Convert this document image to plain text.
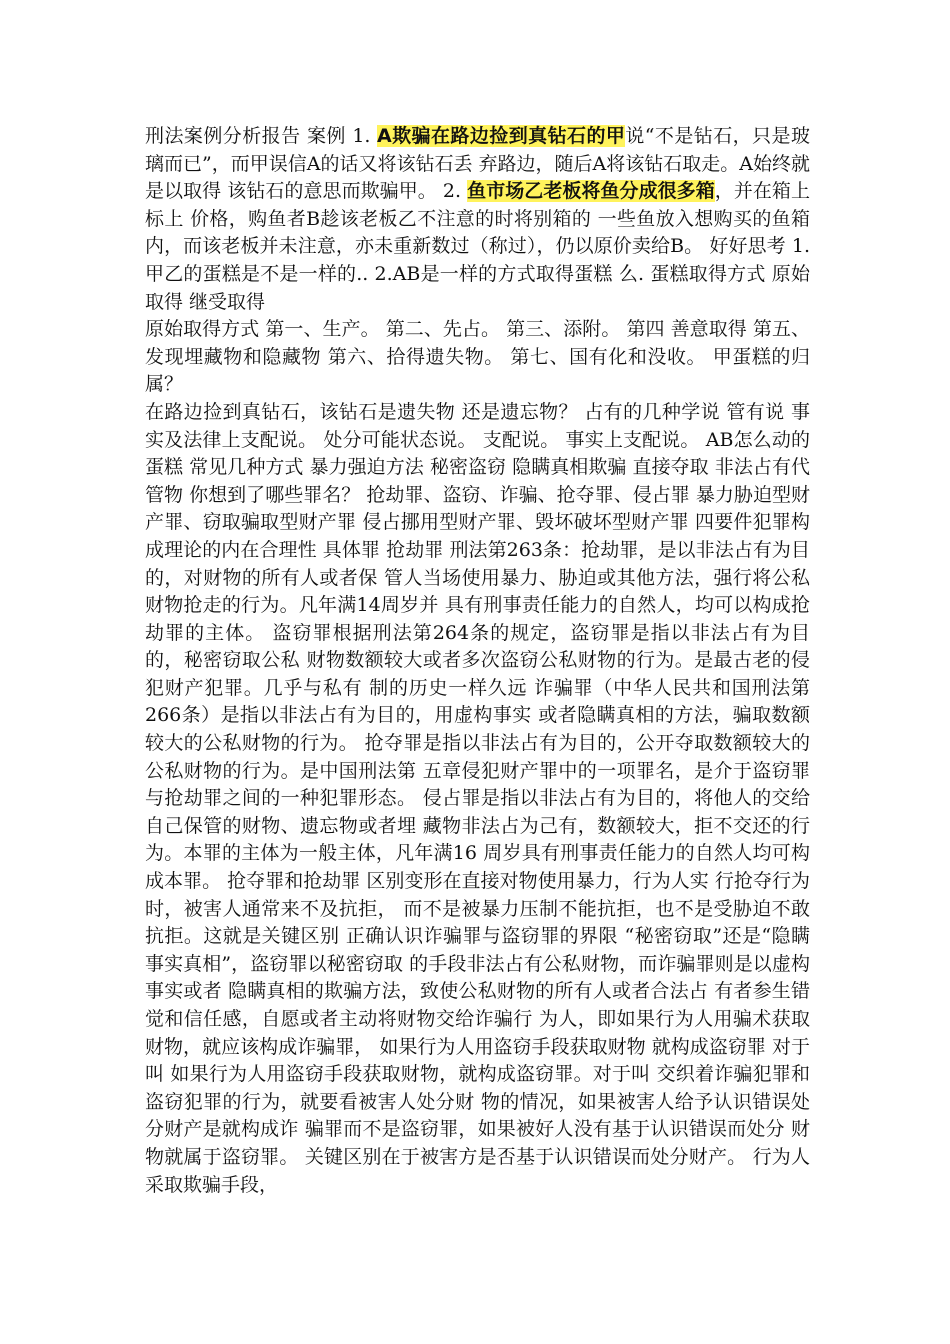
刑法案例分析报告 案例 1. A欺骗在路边捡到真钻石的甲说“不是钻石，只是玻璃而已”，而甲误信A的话又将该钻石丢 弃路边，随后A将该钻石取走。A始终就是以取得 该钻石的意思而欺骗甲。 2. 鱼市场乙老板将鱼分成很多箱，并在箱上标上 价格，购鱼者B趁该老板乙不注意的时将别箱的 一些鱼放入想购买的鱼箱内，而该老板并未注意，亦未重新数过（称过），仍以原价卖给B。 好好思考 1. 甲乙的蛋糕是不是一样的.. 2.AB是一样的方式取得蛋糕 么. 蛋糕取得方式 原始取得 继受取得

原始取得方式 第一、生产。 第二、先占。 第三、添附。 第四 善意取得 第五、发现埋藏物和隐藏物 第六、拾得遗失物。 第七、国有化和没收。 甲蛋糕的归属？

在路边捡到真钻石，该钻石是遗失物 还是遗忘物？ 占有的几种学说 管有说 事实及法律上支配说。 处分可能状态说。 支配说。 事实上支配说。 AB怎么动的蛋糕 常见几种方式 暴力强迫方法 秘密盗窃 隐瞒真相欺骗 直接夺取 非法占有代管物 你想到了哪些罪名？ 抢劫罪、盗窃、诈骗、抢夺罪、侵占罪 暴力胁迫型财产罪、窃取骗取型财产罪 侵占挪用型财产罪、毁坏破坏型财产罪 四要件犯罪构成理论的内在合理性 具体罪 抢劫罪 刑法第263条：抢劫罪，是以非法占有为目的，对财物的所有人或者保 管人当场使用暴力、胁迫或其他方法，强行将公私财物抢走的行为。凡年满14周岁并 具有刑事责任能力的自然人，均可以构成抢劫罪的主体。 盗窃罪根据刑法第264条的规定，盗窃罪是指以非法占有为目的，秘密窃取公私 财物数额较大或者多次盗窃公私财物的行为。是最古老的侵犯财产犯罪。几乎与私有 制的历史一样久远 诈骗罪（中华人民共和国刑法第266条）是指以非法占有为目的，用虚构事实 或者隐瞒真相的方法，骗取数额较大的公私财物的行为。 抢夺罪是指以非法占有为目的，公开夺取数额较大的公私财物的行为。是中国刑法第 五章侵犯财产罪中的一项罪名，是介于盗窃罪与抢劫罪之间的一种犯罪形态。 侵占罪是指以非法占有为目的，将他人的交给自己保管的财物、遗忘物或者埋 藏物非法占为己有，数额较大，拒不交还的行为。本罪的主体为一般主体，凡年满16 周岁具有刑事责任能力的自然人均可构成本罪。 抢夺罪和抢劫罪 区别变形在直接对物使用暴力，行为人实 行抢夺行为时，被害人通常来不及抗拒， 而不是被暴力压制不能抗拒，也不是受胁迫不敢抗拒。这就是关键区别 正确认识诈骗罪与盗窃罪的界限 “秘密窃取”还是“隐瞒事实真相”，盗窃罪以秘密窃取 的手段非法占有公私财物，而诈骗罪则是以虚构事实或者 隐瞒真相的欺骗方法，致使公私财物的所有人或者合法占 有者参生错觉和信任感，自愿或者主动将财物交给诈骗行 为人，即如果行为人用骗术获取财物，就应该构成诈骗罪， 如果行为人用盗窃手段获取财物 就构成盗窃罪 对于叫 如果行为人用盗窃手段获取财物，就构成盗窃罪。对于叫 交织着诈骗犯罪和盗窃犯罪的行为，就要看被害人处分财 物的情况，如果被害人给予认识错误处分财产是就构成诈 骗罪而不是盗窃罪，如果被好人没有基于认识错误而处分 财物就属于盗窃罪。 关键区别在于被害方是否基于认识错误而处分财产。 行为人采取欺骗手段，
